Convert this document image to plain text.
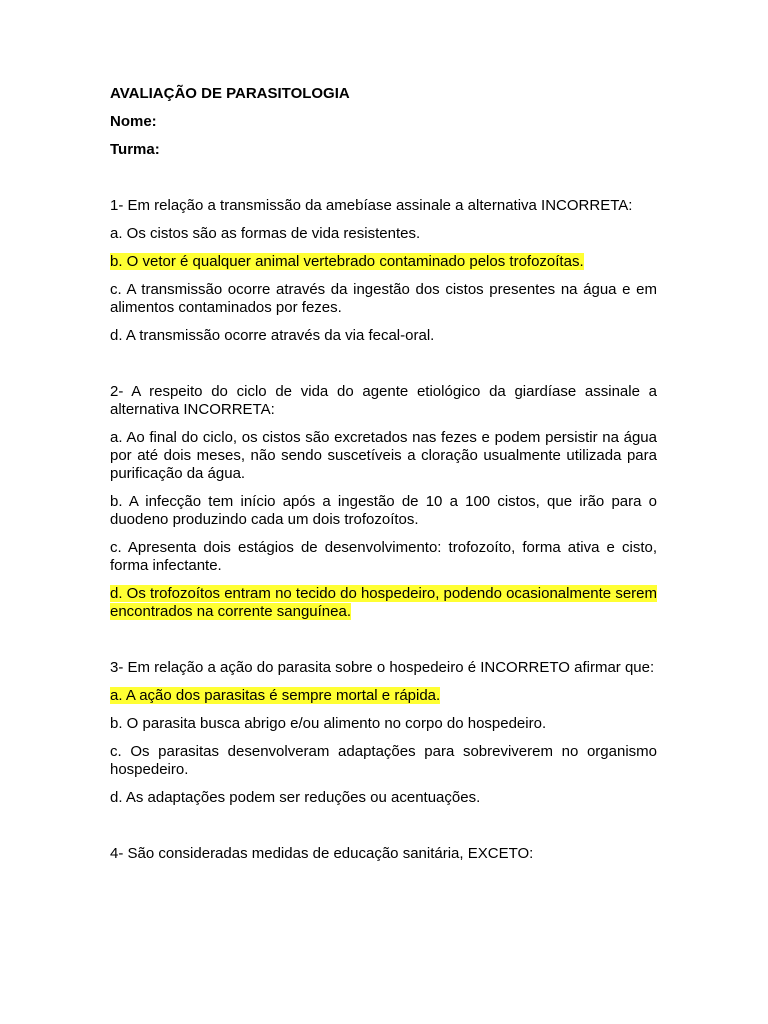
AVALIAÇÃO DE PARASITOLOGIA

Nome:

Turma:

1- Em relação a transmissão da amebíase assinale a alternativa INCORRETA:

a. Os cistos são as formas de vida resistentes.

b. O vetor é qualquer animal vertebrado contaminado pelos trofozoítas.

c. A transmissão ocorre através da ingestão dos cistos presentes na água e em alimentos contaminados por fezes.

d. A transmissão ocorre através da via fecal-oral.

2- A respeito do ciclo de vida do agente etiológico da giardíase assinale a alternativa INCORRETA:

a. Ao final do ciclo, os cistos são excretados nas fezes e podem persistir na água por até dois meses, não sendo suscetíveis a cloração usualmente utilizada para purificação da água.

b. A infecção tem início após a ingestão de 10 a 100 cistos, que irão para o duodeno produzindo cada um dois trofozoítos.

c. Apresenta dois estágios de desenvolvimento: trofozoíto, forma ativa e cisto, forma infectante.

d. Os trofozoítos entram no tecido do hospedeiro, podendo ocasionalmente serem encontrados na corrente sanguínea.

3- Em relação a ação do parasita sobre o hospedeiro é INCORRETO afirmar que:

a. A ação dos parasitas é sempre mortal e rápida.

b. O parasita busca abrigo e/ou alimento no corpo do hospedeiro.

c. Os parasitas desenvolveram adaptações para sobreviverem no organismo hospedeiro.

d. As adaptações podem ser reduções ou acentuações.

4- São consideradas medidas de educação sanitária, EXCETO:
